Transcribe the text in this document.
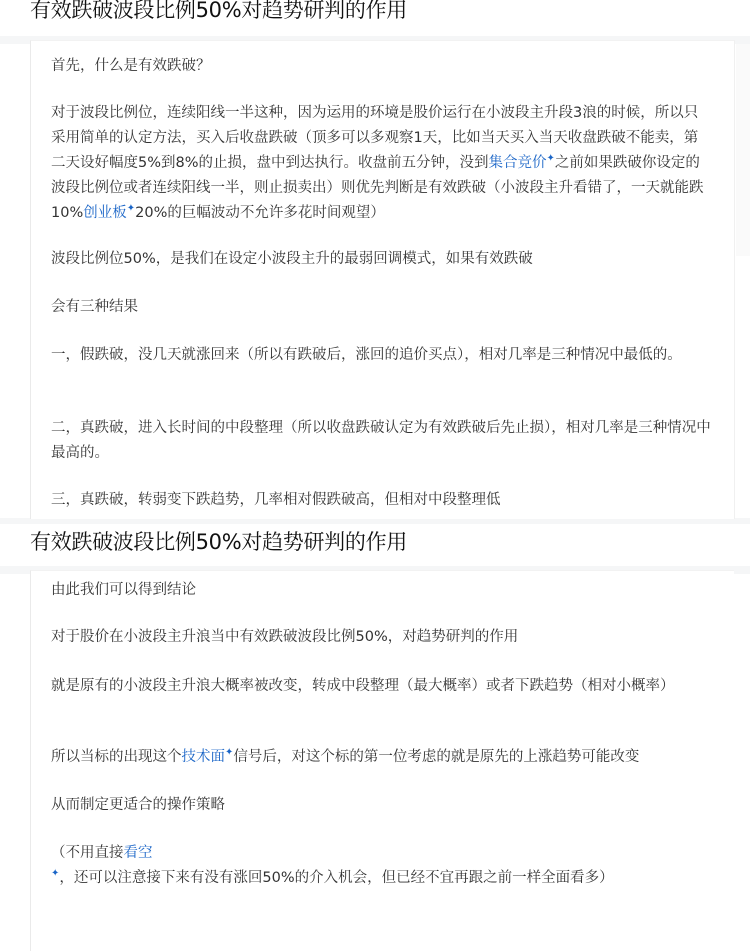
有效跌破波段比例50%对趋势研判的作用

首先，什么是有效跌破？

对于波段比例位，连续阳线一半这种，因为运用的环境是股价运行在小波段主升段3浪的时候，所以只采用简单的认定方法，买入后收盘跌破（顶多可以多观察1天，比如当天买入当天收盘跌破不能卖，第二天设好幅度5%到8%的止损，盘中到达执行。收盘前五分钟，没到集合竞价✦之前如果跌破你设定的波段比例位或者连续阳线一半，则止损卖出）则优先判断是有效跌破（小波段主升看错了，一天就能跌10%创业板✦20%的巨幅波动不允许多花时间观望）

波段比例位50%，是我们在设定小波段主升的最弱回调模式，如果有效跌破

会有三种结果

一，假跌破，没几天就涨回来（所以有跌破后，涨回的追价买点），相对几率是三种情况中最低的。

二，真跌破，进入长时间的中段整理（所以收盘跌破认定为有效跌破后先止损），相对几率是三种情况中最高的。

三，真跌破，转弱变下跌趋势，几率相对假跌破高，但相对中段整理低

有效跌破波段比例50%对趋势研判的作用

由此我们可以得到结论

对于股价在小波段主升浪当中有效跌破波段比例50%，对趋势研判的作用

就是原有的小波段主升浪大概率被改变，转成中段整理（最大概率）或者下跌趋势（相对小概率）

所以当标的出现这个技术面✦信号后，对这个标的第一位考虑的就是原先的上涨趋势可能改变

从而制定更适合的操作策略

（不用直接看空✦，还可以注意接下来有没有涨回50%的介入机会，但已经不宜再跟之前一样全面看多）
